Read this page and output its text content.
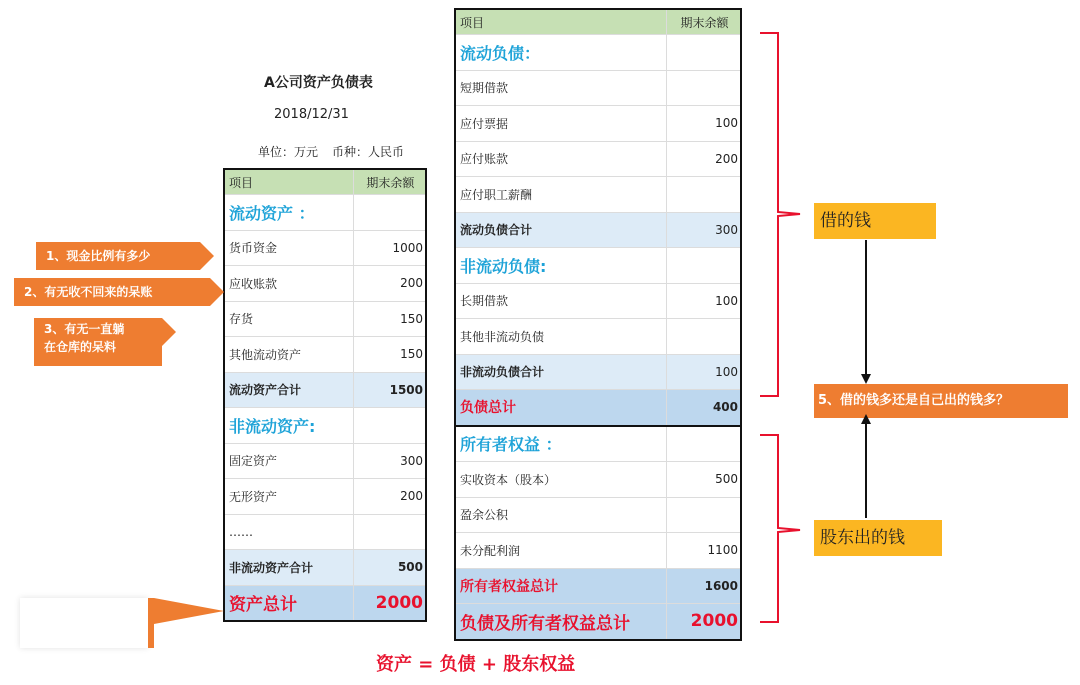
A公司资产负债表
2018/12/31
单位：万元 币种：人民币
项目	期末余额
流动资产 ：	
货币资金	1000
应收账款	200
存货	150
其他流动资产	150
流动资产合计	1500
非流动资产:	
固定资产	300
无形资产	200
……	
非流动资产合计	500
资产总计	2000
项目	期末余额
流动负债：	
短期借款	
应付票据	100
应付账款	200
应付职工薪酬	
流动负债合计	300
非流动负债:	
长期借款	100
其他非流动负债	
非流动负债合计	100
负债总计	400
所有者权益 ：	
实收资本（股本）	500
盈余公积	
未分配利润	1100
所有者权益总计	1600
负债及所有者权益总计	2000
1、现金比例有多少
2、有无收不回来的呆账
3、有无一直躺
在仓库的呆料
借的钱
股东出的钱
5、借的钱多还是自己出的钱多？
资产 = 负债 + 股东权益
